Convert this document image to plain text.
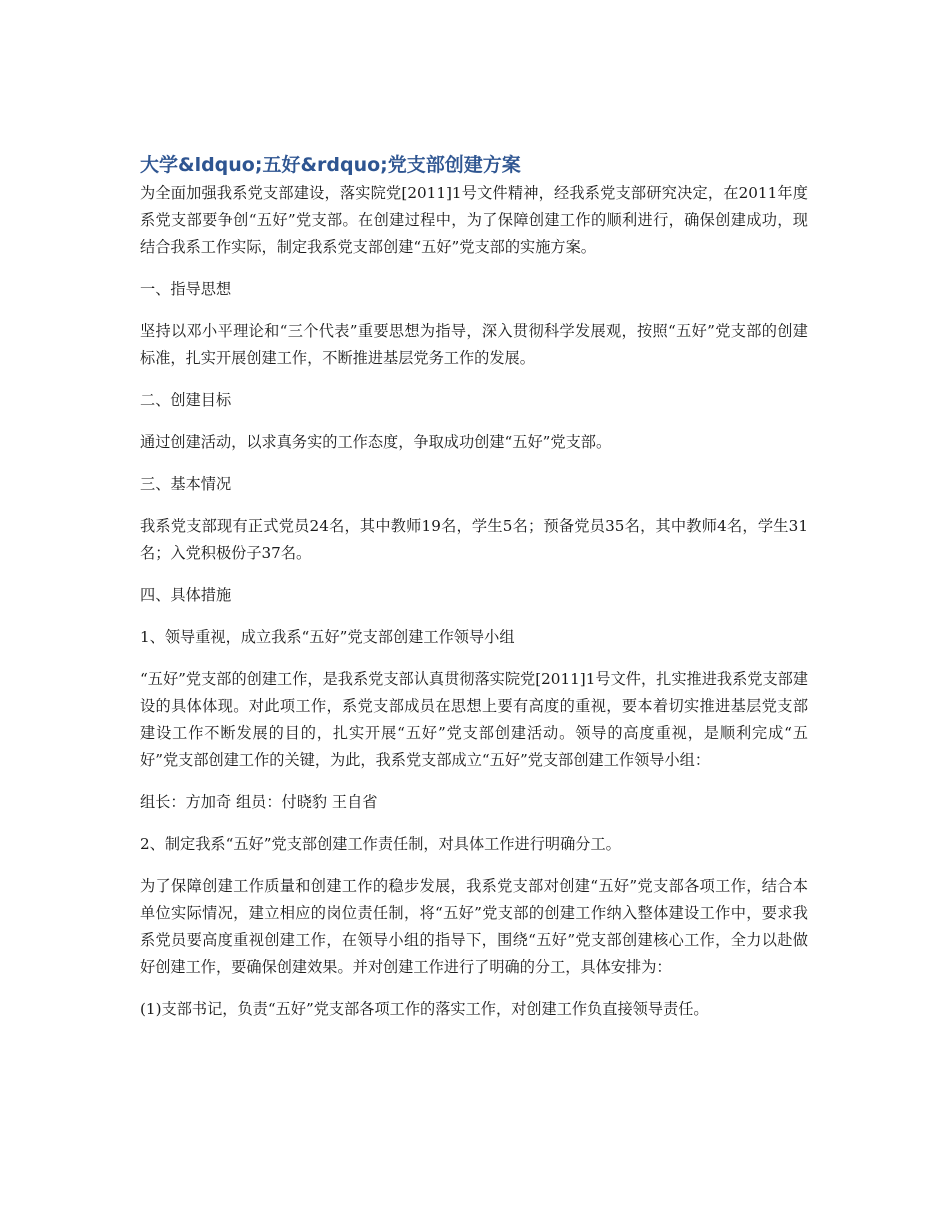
大学&ldquo;五好&rdquo;党支部创建方案

为全面加强我系党支部建设，落实院党[2011]1号文件精神，经我系党支部研究决定，在2011年度系党支部要争创“五好”党支部。在创建过程中，为了保障创建工作的顺利进行，确保创建成功，现结合我系工作实际，制定我系党支部创建“五好”党支部的实施方案。

一、指导思想

坚持以邓小平理论和“三个代表”重要思想为指导，深入贯彻科学发展观，按照“五好”党支部的创建标准，扎实开展创建工作，不断推进基层党务工作的发展。

二、创建目标

通过创建活动，以求真务实的工作态度，争取成功创建“五好”党支部。

三、基本情况

我系党支部现有正式党员24名，其中教师19名，学生5名；预备党员35名，其中教师4名，学生31名；入党积极份子37名。

四、具体措施

1、领导重视，成立我系“五好”党支部创建工作领导小组

“五好”党支部的创建工作，是我系党支部认真贯彻落实院党[2011]1号文件，扎实推进我系党支部建设的具体体现。对此项工作，系党支部成员在思想上要有高度的重视，要本着切实推进基层党支部建设工作不断发展的目的，扎实开展“五好”党支部创建活动。领导的高度重视，是顺利完成“五好”党支部创建工作的关键，为此，我系党支部成立“五好”党支部创建工作领导小组：

组长：方加奇 组员：付晓豹 王自省

2、制定我系“五好”党支部创建工作责任制，对具体工作进行明确分工。

为了保障创建工作质量和创建工作的稳步发展，我系党支部对创建“五好”党支部各项工作，结合本单位实际情况，建立相应的岗位责任制，将“五好”党支部的创建工作纳入整体建设工作中，要求我系党员要高度重视创建工作，在领导小组的指导下，围绕“五好”党支部创建核心工作，全力以赴做好创建工作，要确保创建效果。并对创建工作进行了明确的分工，具体安排为：

(1)支部书记，负责“五好”党支部各项工作的落实工作，对创建工作负直接领导责任。
